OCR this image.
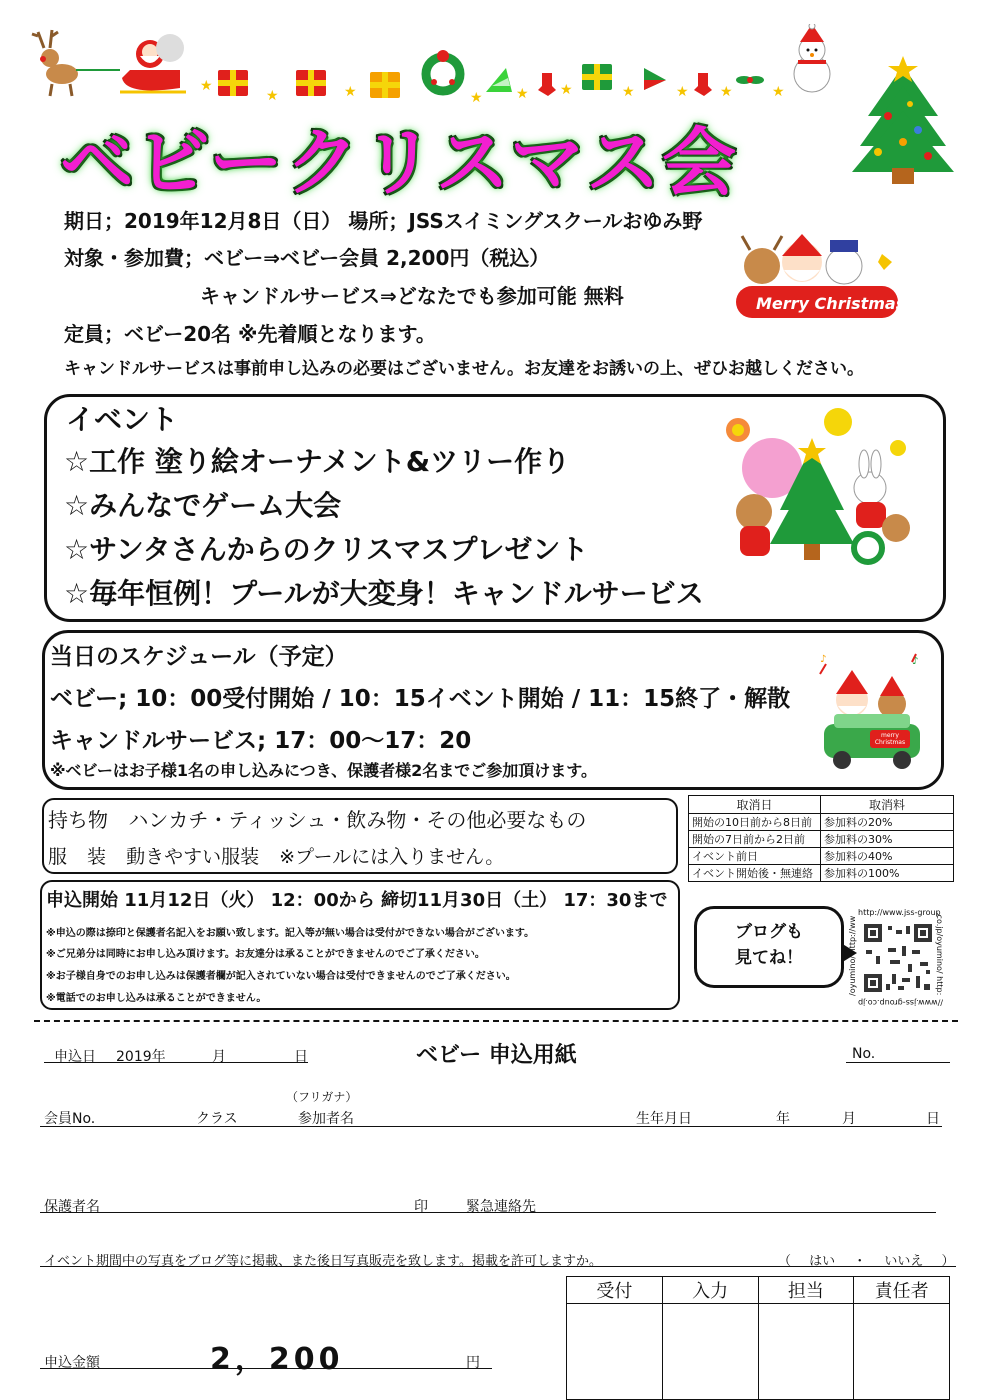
★
★	★	★ ★ ★	★	★ ★	★
ベビークリスマス会
期日；2019年12月8日（日） 場所；JSSスイミングスクールおゆみ野
対象・参加費；ベビー⇒ベビー会員 2,200円（税込）
キャンドルサービス⇒どなたでも参加可能 無料
定員；ベビー20名 ※先着順となります。
キャンドルサービスは事前申し込みの必要はございません。お友達をお誘いの上、ぜひお越しください。
Merry Christmas
イベント
☆工作 塗り絵オーナメント&ツリー作り
☆みんなでゲーム大会
☆サンタさんからのクリスマスプレゼント
☆毎年恒例！プールが大変身！キャンドルサービス
当日のスケジュール（予定）
ベビー; 10：00受付開始 / 10：15イベント開始 / 11：15終了・解散
キャンドルサービス; 17：00～17：20
※ベビーはお子様1名の申し込みにつき、保護者様2名までご参加頂けます。
♪	♪
merry Christmas
持ち物 ハンカチ・ティッシュ・飲み物・その他必要なもの
服 装 動きやすい服装 ※プールには入りません。
取消日	取消料
開始の10日前から8日前	参加料の20%
開始の7日前から2日前	参加料の30%
イベント前日	参加料の40%
イベント開始後・無連絡	参加料の100%
申込開始 11月12日（火） 12：00から 締切11月30日（土） 17：30まで
※申込の際は捺印と保護者名記入をお願い致します。記入等が無い場合は受付ができない場合がございます。
※ご兄弟分は同時にお申し込み頂けます。お友達分は承ることができませんのでご了承ください。
※お子様自身でのお申し込みは保護者欄が記入されていない場合は受付できませんのでご了承ください。
※電話でのお申し込みは承ることができません。
ブログも
見てね！
http://www.jss-group
.co.jp/oyumino/ http:
//www.jss-group.co.jp
/oyumino/ http://ww
申込日 2019年	月	日	ベビー 申込用紙	No.
（フリガナ）
会員No.	クラス	参加者名	生年月日	年	月	日
保護者名	印	緊急連絡先
イベント期間中の写真をブログ等に掲載、また後日写真販売を致します。掲載を許可しますか。	（ はい ・ いいえ ）
受付	入力	担当	責任者

申込金額	2，200	円
